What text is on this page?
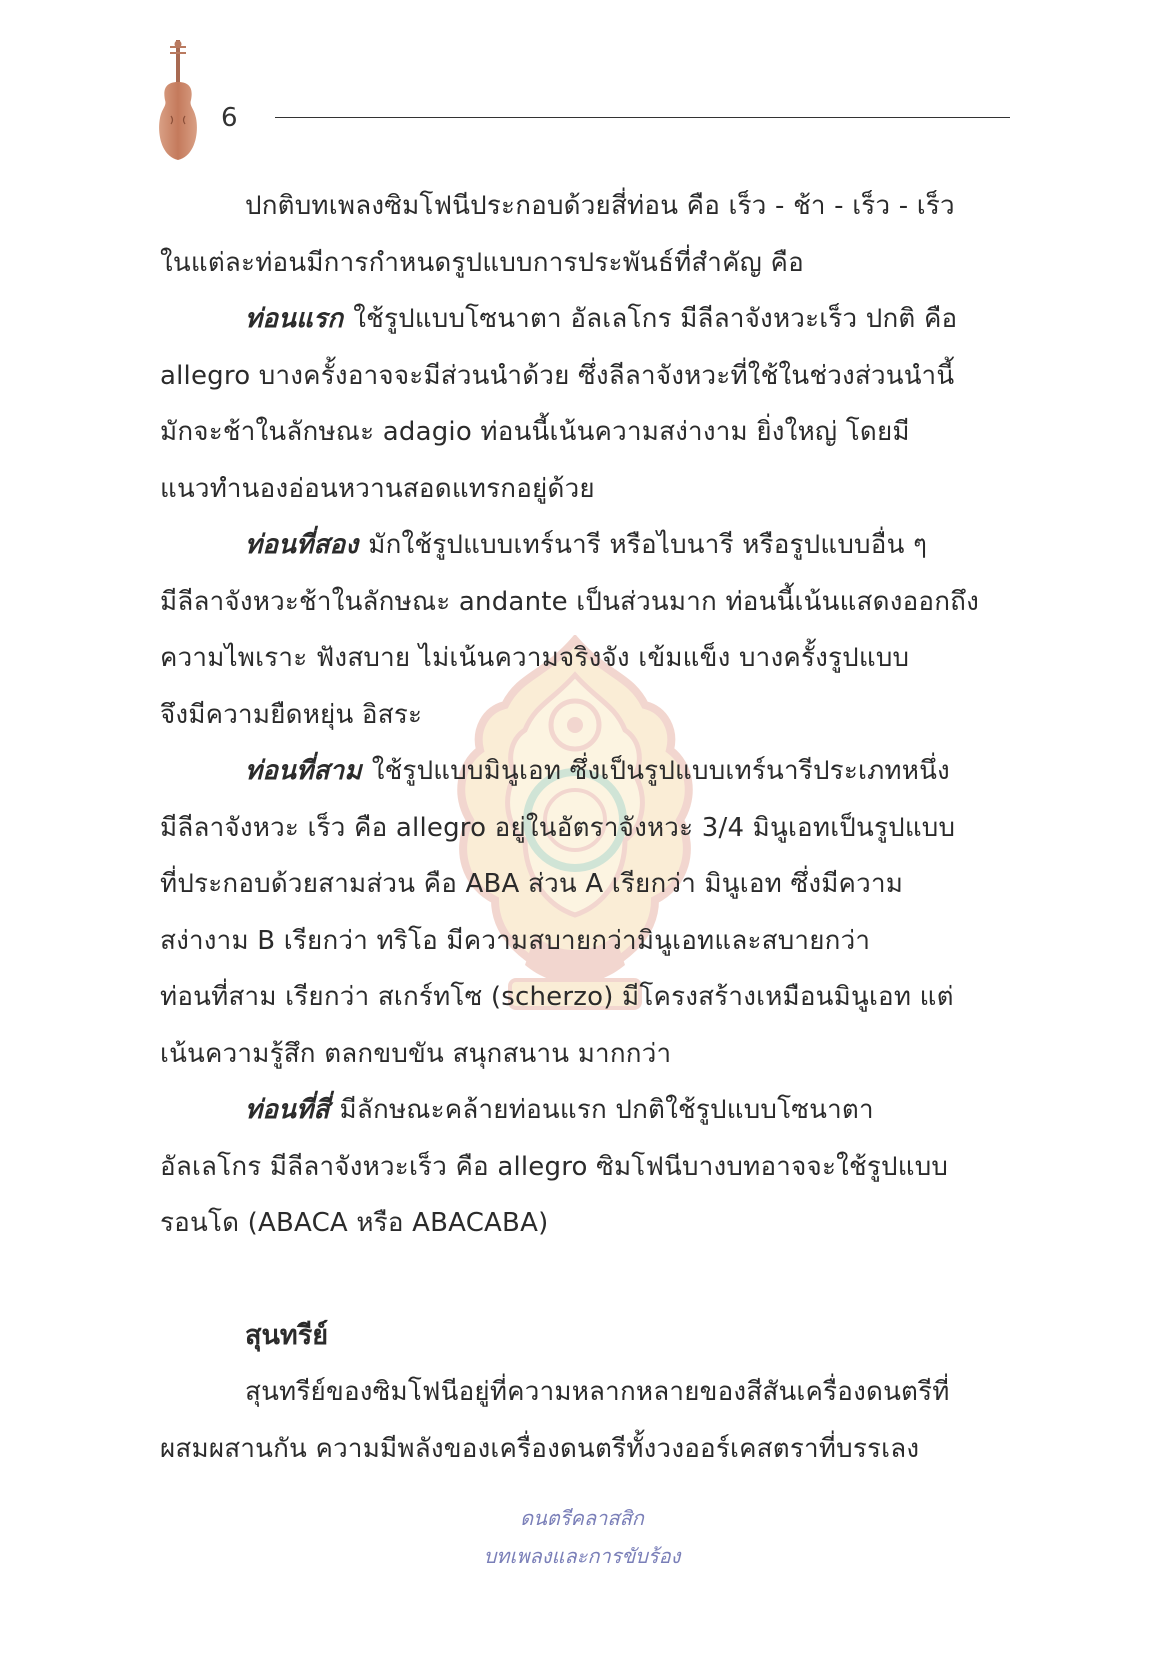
6
ปกติบทเพลงซิมโฟนีประกอบด้วยสี่ท่อน คือ เร็ว - ช้า - เร็ว - เร็ว
ในแต่ละท่อนมีการกำหนดรูปแบบการประพันธ์ที่สำคัญ คือ
ท่อนแรก ใช้รูปแบบโซนาตา อัลเลโกร มีลีลาจังหวะเร็ว ปกติ คือ
allegro บางครั้งอาจจะมีส่วนนำด้วย ซึ่งลีลาจังหวะที่ใช้ในช่วงส่วนนำนี้
มักจะช้าในลักษณะ adagio ท่อนนี้เน้นความสง่างาม ยิ่งใหญ่ โดยมี
แนวทำนองอ่อนหวานสอดแทรกอยู่ด้วย
ท่อนที่สอง มักใช้รูปแบบเทร์นารี หรือไบนารี หรือรูปแบบอื่น ๆ
มีลีลาจังหวะช้าในลักษณะ andante เป็นส่วนมาก ท่อนนี้เน้นแสดงออกถึง
ความไพเราะ ฟังสบาย ไม่เน้นความจริงจัง เข้มแข็ง บางครั้งรูปแบบ
จึงมีความยืดหยุ่น อิสระ
ท่อนที่สาม ใช้รูปแบบมินูเอท ซึ่งเป็นรูปแบบเทร์นารีประเภทหนึ่ง
มีลีลาจังหวะ เร็ว คือ allegro อยู่ในอัตราจังหวะ 3/4 มินูเอทเป็นรูปแบบ
ที่ประกอบด้วยสามส่วน คือ ABA ส่วน A เรียกว่า มินูเอท ซึ่งมีความ
สง่างาม B เรียกว่า ทริโอ มีความสบายกว่ามินูเอทและสบายกว่า
ท่อนที่สาม เรียกว่า สเกร์ทโซ (scherzo) มีโครงสร้างเหมือนมินูเอท แต่
เน้นความรู้สึก ตลกขบขัน สนุกสนาน มากกว่า
ท่อนที่สี่ มีลักษณะคล้ายท่อนแรก ปกติใช้รูปแบบโซนาตา
อัลเลโกร มีลีลาจังหวะเร็ว คือ allegro ซิมโฟนีบางบทอาจจะใช้รูปแบบ
รอนโด (ABACA หรือ ABACABA)
สุนทรีย์
สุนทรีย์ของซิมโฟนีอยู่ที่ความหลากหลายของสีสันเครื่องดนตรีที่
ผสมผสานกัน ความมีพลังของเครื่องดนตรีทั้งวงออร์เคสตราที่บรรเลง
ดนตรีคลาสสิก
บทเพลงและการขับร้อง
